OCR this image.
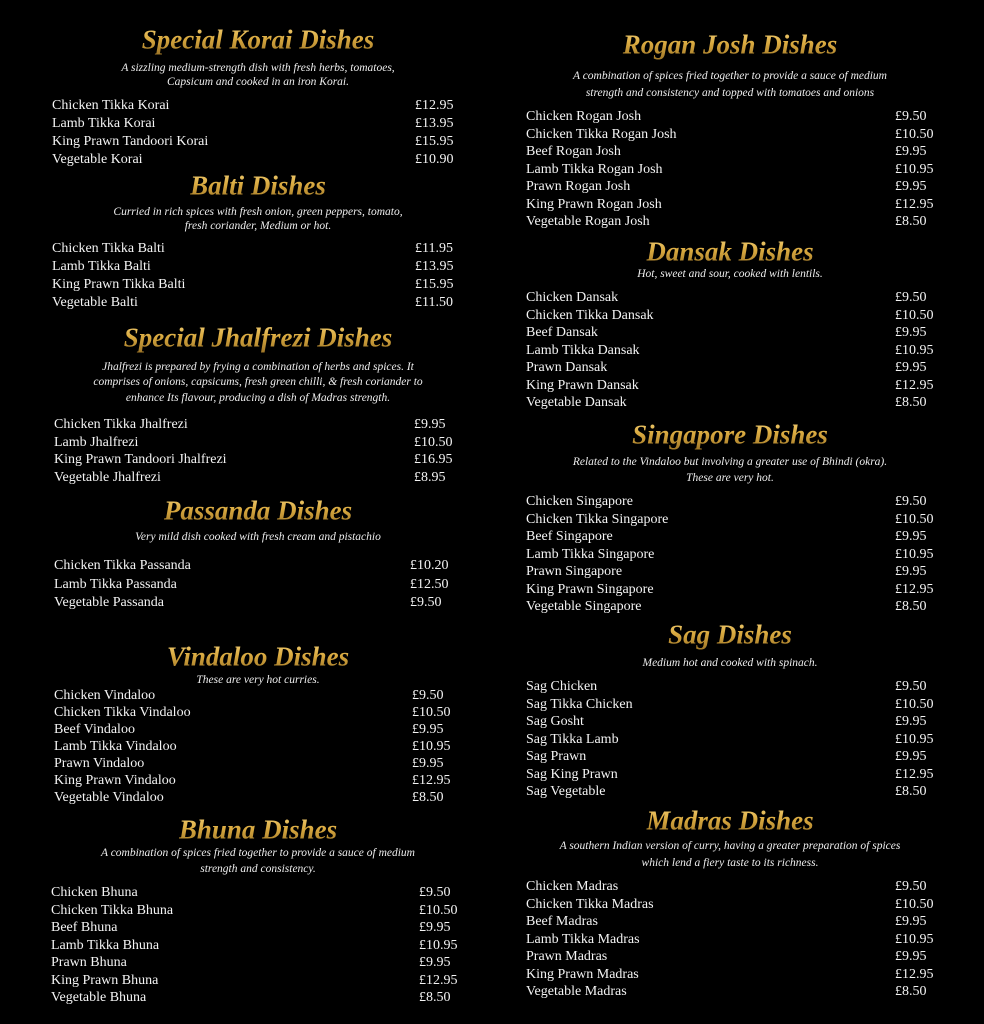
Special Korai Dishes
A sizzling medium-strength dish with fresh herbs, tomatoes,
Capsicum and cooked in an iron Korai.
Chicken Tikka Korai	£12.95
Lamb Tikka Korai	£13.95
King Prawn Tandoori Korai	£15.95
Vegetable Korai	£10.90
Balti Dishes
Curried in rich spices with fresh onion, green peppers, tomato,
fresh coriander, Medium or hot.
Chicken Tikka Balti	£11.95
Lamb Tikka Balti	£13.95
King Prawn Tikka Balti	£15.95
Vegetable Balti	£11.50
Special Jhalfrezi Dishes
Jhalfrezi is prepared by frying a combination of herbs and spices. It
comprises of onions, capsicums, fresh green chilli, & fresh coriander to
enhance Its flavour, producing a dish of Madras strength.
Chicken Tikka Jhalfrezi	£9.95
Lamb Jhalfrezi	£10.50
King Prawn Tandoori Jhalfrezi	£16.95
Vegetable Jhalfrezi	£8.95
Passanda Dishes
Very mild dish cooked with fresh cream and pistachio
Chicken Tikka Passanda	£10.20
Lamb Tikka Passanda	£12.50
Vegetable Passanda	£9.50
Vindaloo Dishes
These are very hot curries.
Chicken Vindaloo	£9.50
Chicken Tikka Vindaloo	£10.50
Beef Vindaloo	£9.95
Lamb Tikka Vindaloo	£10.95
Prawn Vindaloo	£9.95
King Prawn Vindaloo	£12.95
Vegetable Vindaloo	£8.50
Bhuna Dishes
A combination of spices fried together to provide a sauce of medium
strength and consistency.
Chicken Bhuna	£9.50
Chicken Tikka Bhuna	£10.50
Beef Bhuna	£9.95
Lamb Tikka Bhuna	£10.95
Prawn Bhuna	£9.95
King Prawn Bhuna	£12.95
Vegetable Bhuna	£8.50
Rogan Josh Dishes
A combination of spices fried together to provide a sauce of medium
strength and consistency and topped with tomatoes and onions
Chicken Rogan Josh	£9.50
Chicken Tikka Rogan Josh	£10.50
Beef Rogan Josh	£9.95
Lamb Tikka Rogan Josh	£10.95
Prawn Rogan Josh	£9.95
King Prawn Rogan Josh	£12.95
Vegetable Rogan Josh	£8.50
Dansak Dishes
Hot, sweet and sour, cooked with lentils.
Chicken Dansak	£9.50
Chicken Tikka Dansak	£10.50
Beef Dansak	£9.95
Lamb Tikka Dansak	£10.95
Prawn Dansak	£9.95
King Prawn Dansak	£12.95
Vegetable Dansak	£8.50
Singapore Dishes
Related to the Vindaloo but involving a greater use of Bhindi (okra).
These are very hot.
Chicken Singapore	£9.50
Chicken Tikka Singapore	£10.50
Beef Singapore	£9.95
Lamb Tikka Singapore	£10.95
Prawn Singapore	£9.95
King Prawn Singapore	£12.95
Vegetable Singapore	£8.50
Sag Dishes
Medium hot and cooked with spinach.
Sag Chicken	£9.50
Sag Tikka Chicken	£10.50
Sag Gosht	£9.95
Sag Tikka Lamb	£10.95
Sag Prawn	£9.95
Sag King Prawn	£12.95
Sag Vegetable	£8.50
Madras Dishes
A southern Indian version of curry, having a greater preparation of spices
which lend a fiery taste to its richness.
Chicken Madras	£9.50
Chicken Tikka Madras	£10.50
Beef Madras	£9.95
Lamb Tikka Madras	£10.95
Prawn Madras	£9.95
King Prawn Madras	£12.95
Vegetable Madras	£8.50
